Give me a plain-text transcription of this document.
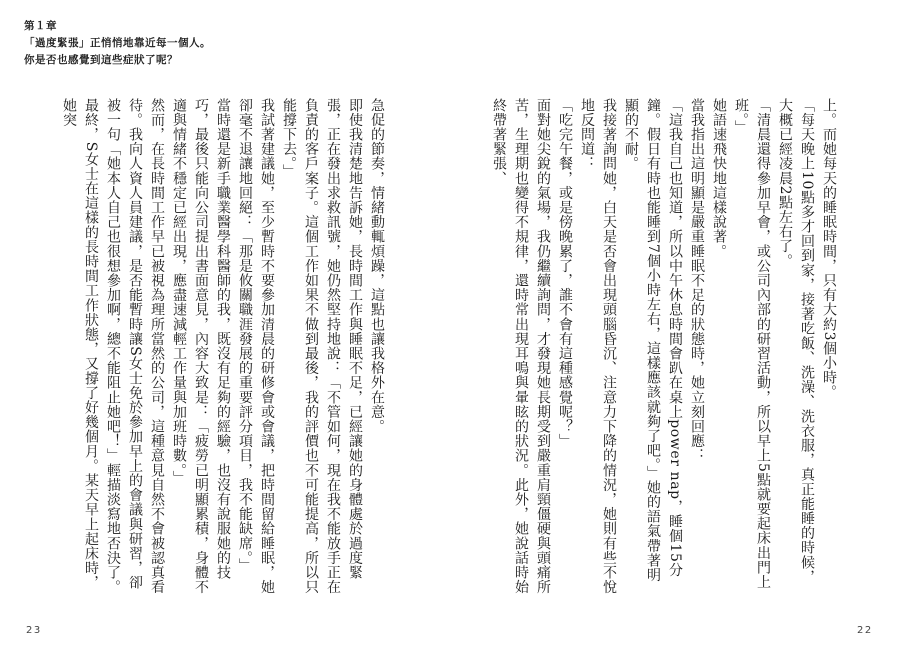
第１章
「過度緊張」正悄悄地靠近每一個人。
你是否也感覺到這些症狀了呢？

急促的節奏，情緒動輒煩躁，這點也讓我格外在意。

即使我清楚地告訴她，長時間工作與睡眠不足，已經讓她的身體處於過度緊張，正在發出求救訊號，她仍然堅持地說：「不管如何，現在我不能放手正在負責的客戶案子。這個工作如果不做到最後，我的評價也不可能提高，所以只能撐下去。」

我試著建議她，至少暫時不要參加清晨的研修會或會議，把時間留給睡眠，她卻毫不退讓地回絕：「那是攸關職涯發展的重要評分項目，我不能缺席。」

當時還是新手職業醫學科醫師的我，既沒有足夠的經驗，也沒有說服她的技巧，最後只能向公司提出書面意見，內容大致是：「疲勞已明顯累積，身體不適與情緒不穩定已經出現，應盡速減輕工作量與加班時數。」

然而，在長時間工作早已被視為理所當然的公司，這種意見自然不會被認真看待。我向人資人員建議，是否能暫時讓S女士免於參加早上的會議與研習，卻被一句「她本人自己也很想參加啊，總不能阻止她吧！」輕描淡寫地否決了。

最終，S女士在這樣的長時間工作狀態，又撐了好幾個月。某天早上起床時，她突	上。而她每天的睡眠時間，只有大約3個小時。

「每天晚上10點多才回到家，接著吃飯、洗澡、洗衣服，真正能睡的時候，大概已經凌晨2點左右了。

「清晨還得參加早會，或公司內部的研習活動，所以早上5點就要起床出門上班。」

她語速飛快地這樣說著。

當我指出這明顯是嚴重睡眠不足的狀態時，她立刻回應：

「這我自己也知道，所以中午休息時間會趴在桌上power nap，睡個15分鐘。假日有時也能睡到7個小時左右，這樣應該就夠了吧。」她的語氣帶著明顯的不耐。

我接著詢問她，白天是否會出現頭腦昏沉、注意力下降的情況，她則有些不悅地反問道：

「吃完午餐，或是傍晚累了，誰不會有這種感覺呢？」

面對她尖銳的氣場，我仍繼續詢問，才發現她長期受到嚴重肩頸僵硬與頭痛所苦，生理期也變得不規律，還時常出現耳鳴與暈眩的狀況。此外，她說話時始終帶著緊張、

23	22
